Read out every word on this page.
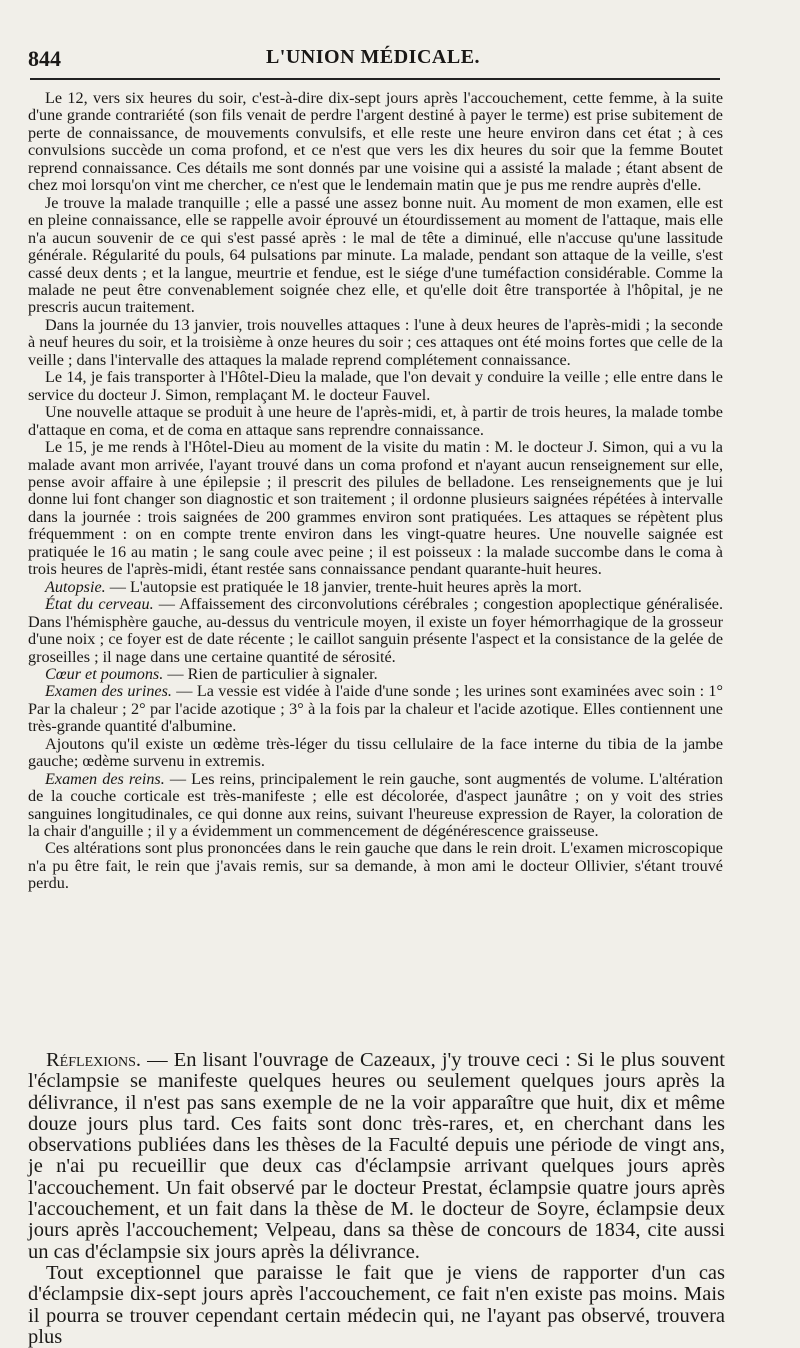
844	L'UNION MÉDICALE.

Le 12, vers six heures du soir, c'est-à-dire dix-sept jours après l'accouchement, cette femme, à la suite d'une grande contrariété (son fils venait de perdre l'argent destiné à payer le terme) est prise subitement de perte de connaissance, de mouvements convulsifs, et elle reste une heure environ dans cet état ; à ces convulsions succède un coma profond, et ce n'est que vers les dix heures du soir que la femme Boutet reprend connaissance. Ces détails me sont donnés par une voisine qui a assisté la malade ; étant absent de chez moi lorsqu'on vint me chercher, ce n'est que le lendemain matin que je pus me rendre auprès d'elle.

Je trouve la malade tranquille ; elle a passé une assez bonne nuit. Au moment de mon examen, elle est en pleine connaissance, elle se rappelle avoir éprouvé un étourdissement au moment de l'attaque, mais elle n'a aucun souvenir de ce qui s'est passé après : le mal de tête a diminué, elle n'accuse qu'une lassitude générale. Régularité du pouls, 64 pulsations par minute. La malade, pendant son attaque de la veille, s'est cassé deux dents ; et la langue, meurtrie et fendue, est le siége d'une tuméfaction considérable. Comme la malade ne peut être convenablement soignée chez elle, et qu'elle doit être transportée à l'hôpital, je ne prescris aucun traitement.

Dans la journée du 13 janvier, trois nouvelles attaques : l'une à deux heures de l'après-midi ; la seconde à neuf heures du soir, et la troisième à onze heures du soir ; ces attaques ont été moins fortes que celle de la veille ; dans l'intervalle des attaques la malade reprend complétement connaissance.

Le 14, je fais transporter à l'Hôtel-Dieu la malade, que l'on devait y conduire la veille ; elle entre dans le service du docteur J. Simon, remplaçant M. le docteur Fauvel.

Une nouvelle attaque se produit à une heure de l'après-midi, et, à partir de trois heures, la malade tombe d'attaque en coma, et de coma en attaque sans reprendre connaissance.

Le 15, je me rends à l'Hôtel-Dieu au moment de la visite du matin : M. le docteur J. Simon, qui a vu la malade avant mon arrivée, l'ayant trouvé dans un coma profond et n'ayant aucun renseignement sur elle, pense avoir affaire à une épilepsie ; il prescrit des pilules de belladone. Les renseignements que je lui donne lui font changer son diagnostic et son traitement ; il ordonne plusieurs saignées répétées à intervalle dans la journée : trois saignées de 200 grammes environ sont pratiquées. Les attaques se répètent plus fréquemment : on en compte trente environ dans les vingt-quatre heures. Une nouvelle saignée est pratiquée le 16 au matin ; le sang coule avec peine ; il est poisseux : la malade succombe dans le coma à trois heures de l'après-midi, étant restée sans connaissance pendant quarante-huit heures.

Autopsie. — L'autopsie est pratiquée le 18 janvier, trente-huit heures après la mort.

État du cerveau. — Affaissement des circonvolutions cérébrales ; congestion apoplectique généralisée. Dans l'hémisphère gauche, au-dessus du ventricule moyen, il existe un foyer hémorrhagique de la grosseur d'une noix ; ce foyer est de date récente ; le caillot sanguin présente l'aspect et la consistance de la gelée de groseilles ; il nage dans une certaine quantité de sérosité.

Cœur et poumons. — Rien de particulier à signaler.

Examen des urines. — La vessie est vidée à l'aide d'une sonde ; les urines sont examinées avec soin : 1° Par la chaleur ; 2° par l'acide azotique ; 3° à la fois par la chaleur et l'acide azotique. Elles contiennent une très-grande quantité d'albumine.

Ajoutons qu'il existe un œdème très-léger du tissu cellulaire de la face interne du tibia de la jambe gauche; œdème survenu in extremis.

Examen des reins. — Les reins, principalement le rein gauche, sont augmentés de volume. L'altération de la couche corticale est très-manifeste ; elle est décolorée, d'aspect jaunâtre ; on y voit des stries sanguines longitudinales, ce qui donne aux reins, suivant l'heureuse expression de Rayer, la coloration de la chair d'anguille ; il y a évidemment un commencement de dégénérescence graisseuse.

Ces altérations sont plus prononcées dans le rein gauche que dans le rein droit. L'examen microscopique n'a pu être fait, le rein que j'avais remis, sur sa demande, à mon ami le docteur Ollivier, s'étant trouvé perdu.

Réflexions. — En lisant l'ouvrage de Cazeaux, j'y trouve ceci : Si le plus souvent l'éclampsie se manifeste quelques heures ou seulement quelques jours après la délivrance, il n'est pas sans exemple de ne la voir apparaître que huit, dix et même douze jours plus tard. Ces faits sont donc très-rares, et, en cherchant dans les observations publiées dans les thèses de la Faculté depuis une période de vingt ans, je n'ai pu recueillir que deux cas d'éclampsie arrivant quelques jours après l'accouchement. Un fait observé par le docteur Prestat, éclampsie quatre jours après l'accouchement, et un fait dans la thèse de M. le docteur de Soyre, éclampsie deux jours après l'accouchement; Velpeau, dans sa thèse de concours de 1834, cite aussi un cas d'éclampsie six jours après la délivrance.

Tout exceptionnel que paraisse le fait que je viens de rapporter d'un cas d'éclampsie dix-sept jours après l'accouchement, ce fait n'en existe pas moins. Mais il pourra se trouver cependant certain médecin qui, ne l'ayant pas observé, trouvera plus
